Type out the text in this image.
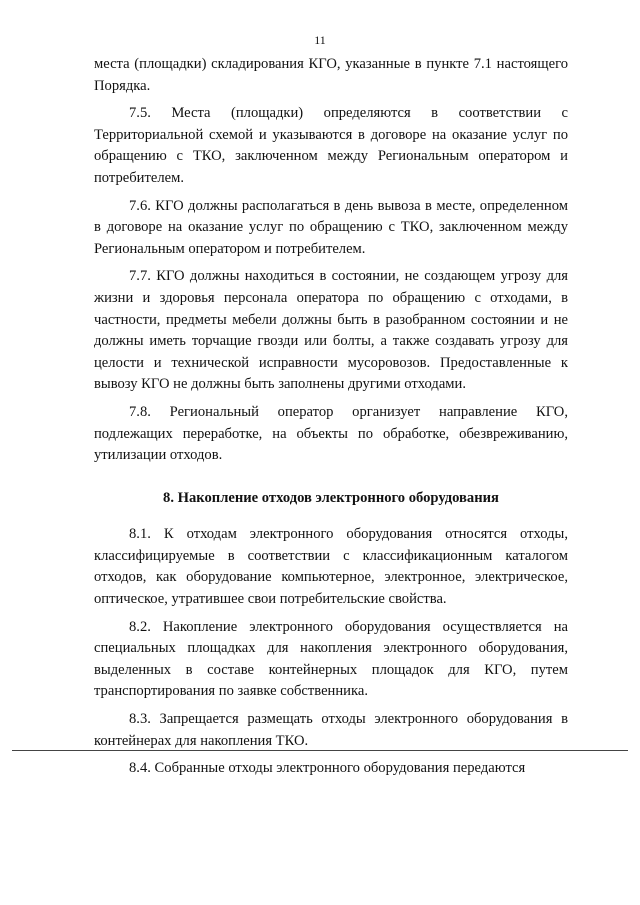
11

места (площадки) складирования КГО, указанные в пункте 7.1 настоящего Порядка.

7.5. Места (площадки) определяются в соответствии с Территориальной схемой и указываются в договоре на оказание услуг по обращению с ТКО, заключенном между Региональным оператором и потребителем.

7.6. КГО должны располагаться в день вывоза в месте, определенном в договоре на оказание услуг по обращению с ТКО, заключенном между Региональным оператором и потребителем.

7.7. КГО должны находиться в состоянии, не создающем угрозу для жизни и здоровья персонала оператора по обращению с отходами, в частности, предметы мебели должны быть в разобранном состоянии и не должны иметь торчащие гвозди или болты, а также создавать угрозу для целости и технической исправности мусоровозов. Предоставленные к вывозу КГО не должны быть заполнены другими отходами.

7.8. Региональный оператор организует направление КГО, подлежащих переработке, на объекты по обработке, обезвреживанию, утилизации отходов.

8. Накопление отходов электронного оборудования

8.1. К отходам электронного оборудования относятся отходы, классифицируемые в соответствии с классификационным каталогом отходов, как оборудование компьютерное, электронное, электрическое, оптическое, утратившее свои потребительские свойства.

8.2. Накопление электронного оборудования осуществляется на специальных площадках для накопления электронного оборудования, выделенных в составе контейнерных площадок для КГО, путем транспортирования по заявке собственника.

8.3. Запрещается размещать отходы электронного оборудования в контейнерах для накопления ТКО.

8.4. Собранные отходы электронного оборудования передаются
